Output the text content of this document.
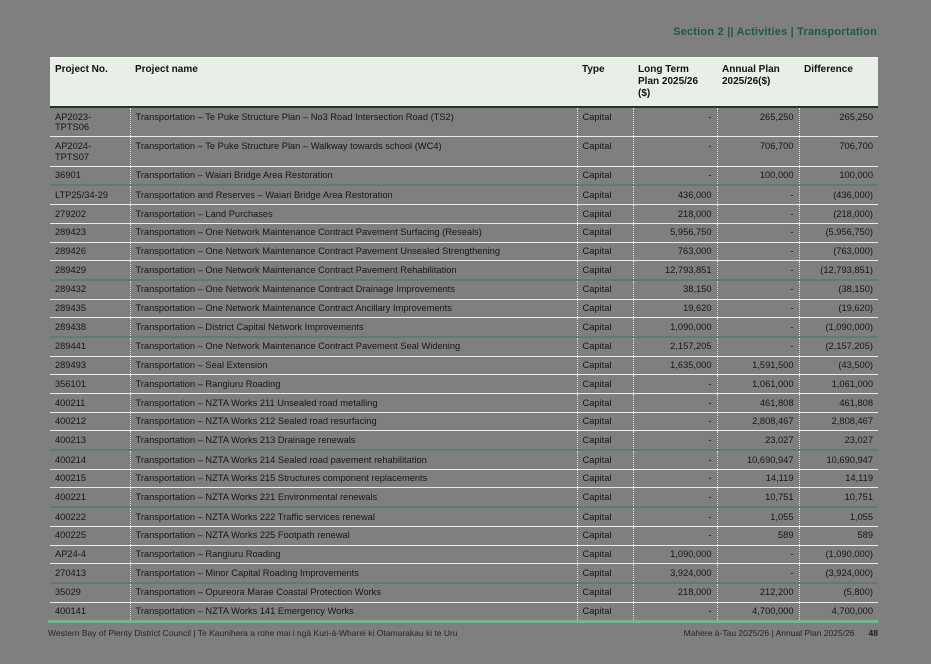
Section 2 || Activities | Transportation
Project No.	Project name	Type	Long Term Plan 2025/26 ($)	Annual Plan 2025/26($)	Difference
AP2023-TPTS06	Transportation – Te Puke Structure Plan – No3 Road Intersection Road (TS2)	Capital	-	265,250	265,250
AP2024-TPTS07	Transportation – Te Puke Structure Plan – Walkway towards school (WC4)	Capital	-	706,700	706,700
36901	Transportation – Waiari Bridge Area Restoration	Capital	-	100,000	100,000
LTP25/34-29	Transportation and Reserves – Waiari Bridge Area Restoration	Capital	436,000	-	(436,000)
279202	Transportation – Land Purchases	Capital	218,000	-	(218,000)
289423	Transportation – One Network Maintenance Contract Pavement Surfacing (Reseals)	Capital	5,956,750	-	(5,956,750)
289426	Transportation – One Network Maintenance Contract Pavement Unsealed Strengthening	Capital	763,000	-	(763,000)
289429	Transportation – One Network Maintenance Contract Pavement Rehabilitation	Capital	12,793,851	-	(12,793,851)
289432	Transportation – One Network Maintenance Contract Drainage Improvements	Capital	38,150	-	(38,150)
289435	Transportation – One Network Maintenance Contract Ancillary Improvements	Capital	19,620	-	(19,620)
289438	Transportation – District Capital Network Improvements	Capital	1,090,000	-	(1,090,000)
289441	Transportation – One Network Maintenance Contract Pavement Seal Widening	Capital	2,157,205	-	(2,157,205)
289493	Transportation – Seal Extension	Capital	1,635,000	1,591,500	(43,500)
356101	Transportation – Rangiuru Roading	Capital	-	1,061,000	1,061,000
400211	Transportation – NZTA Works 211 Unsealed road metalling	Capital	-	461,808	461,808
400212	Transportation – NZTA Works 212 Sealed road resurfacing	Capital	-	2,808,467	2,808,467
400213	Transportation – NZTA Works 213 Drainage renewals	Capital	-	23,027	23,027
400214	Transportation – NZTA Works 214 Sealed road pavement rehabilitation	Capital	-	10,690,947	10,690,947
400215	Transportation – NZTA Works 215 Structures component replacements	Capital	-	14,119	14,119
400221	Transportation – NZTA Works 221 Environmental renewals	Capital	-	10,751	10,751
400222	Transportation – NZTA Works 222 Traffic services renewal	Capital	-	1,055	1,055
400225	Transportation – NZTA Works 225 Footpath renewal	Capital	-	589	589
AP24-4	Transportation – Rangiuru Roading	Capital	1,090,000	-	(1,090,000)
270413	Transportation – Minor Capital Roading Improvements	Capital	3,924,000	-	(3,924,000)
35029	Transportation – Opureora Marae Coastal Protection Works	Capital	218,000	212,200	(5,800)
400141	Transportation – NZTA Works 141 Emergency Works	Capital	-	4,700,000	4,700,000
Western Bay of Plenty District Council | Te Kaunihera a rohe mai i ngā Kuri-ā-Wharei ki Otamarakau ki te Uru	Mahere ā-Tau 2025/26 | Annual Plan 2025/26 48
